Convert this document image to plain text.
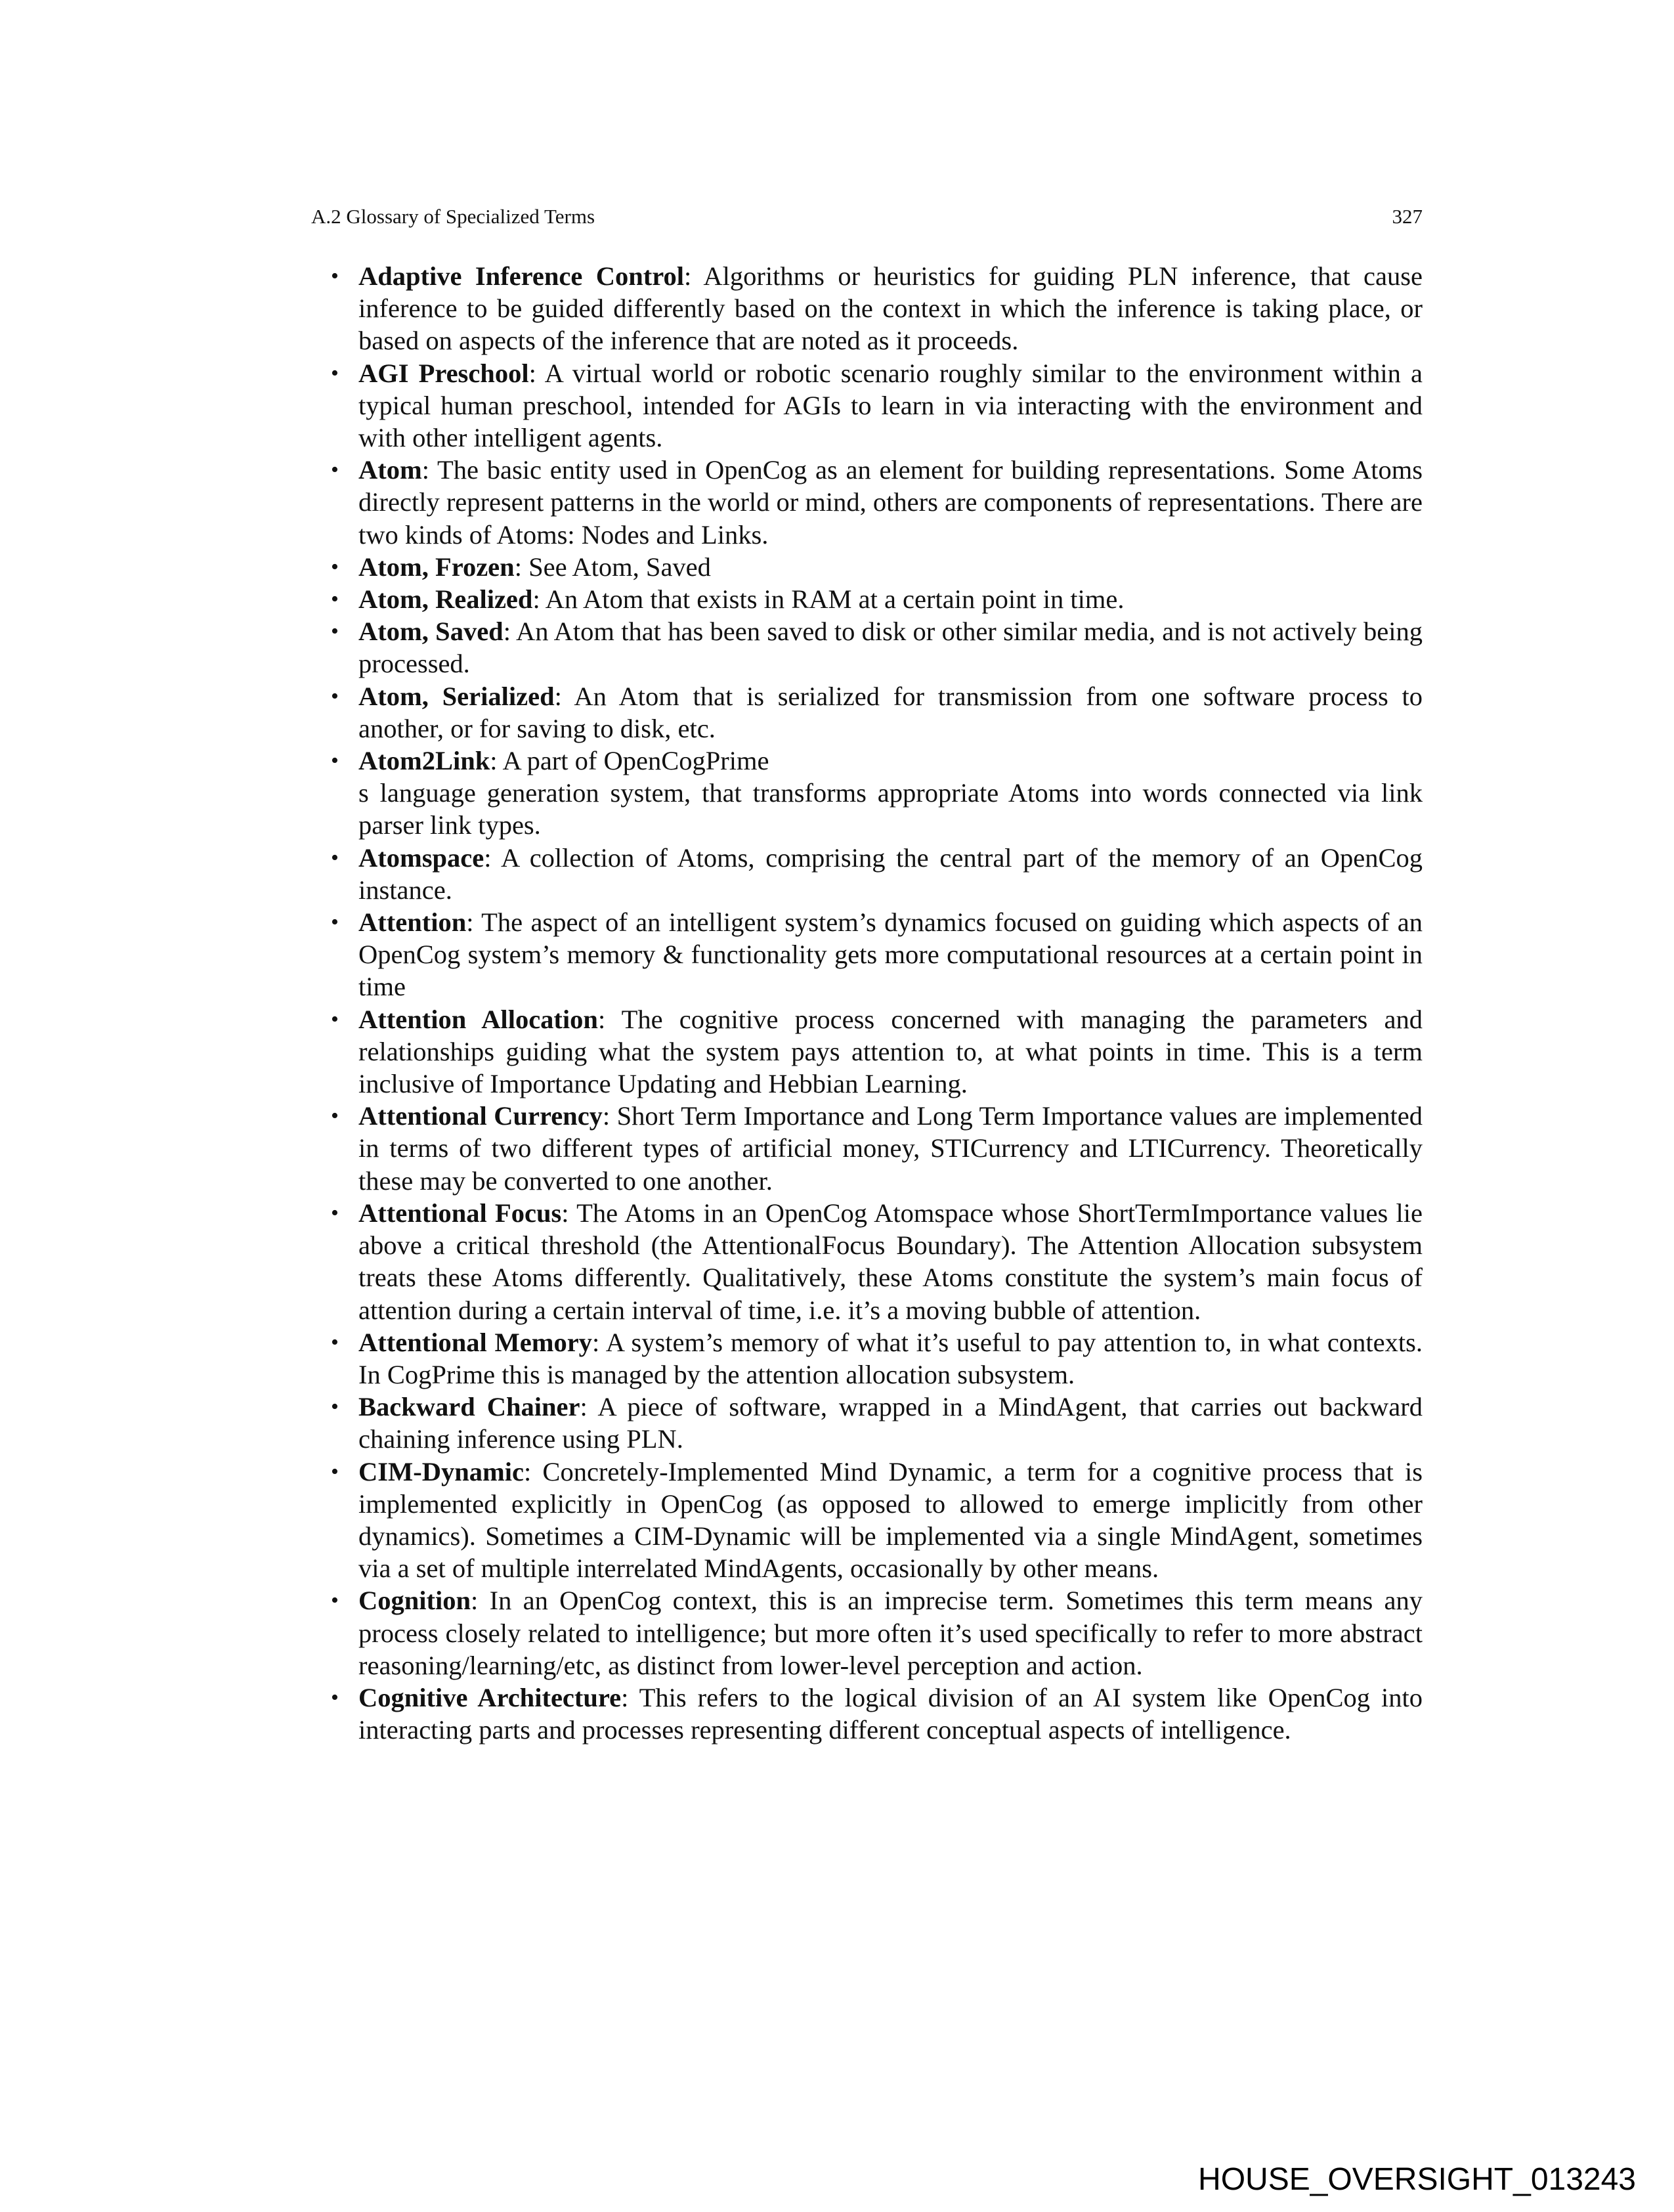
A.2 Glossary of Specialized Terms	327
• Adaptive Inference Control: Algorithms or heuristics for guiding PLN inference, that cause inference to be guided differently based on the context in which the inference is taking place, or based on aspects of the inference that are noted as it proceeds.
• AGI Preschool: A virtual world or robotic scenario roughly similar to the environment within a typical human preschool, intended for AGIs to learn in via interacting with the environment and with other intelligent agents.
• Atom: The basic entity used in OpenCog as an element for building representations. Some Atoms directly represent patterns in the world or mind, others are components of representations. There are two kinds of Atoms: Nodes and Links.
• Atom, Frozen: See Atom, Saved
• Atom, Realized: An Atom that exists in RAM at a certain point in time.
• Atom, Saved: An Atom that has been saved to disk or other similar media, and is not actively being processed.
• Atom, Serialized: An Atom that is serialized for transmission from one software process to another, or for saving to disk, etc.
• Atom2Link: A part of OpenCogPrime
s language generation system, that transforms appropriate Atoms into words connected via link parser link types.
• Atomspace: A collection of Atoms, comprising the central part of the memory of an OpenCog instance.
• Attention: The aspect of an intelligent system’s dynamics focused on guiding which aspects of an OpenCog system’s memory & functionality gets more computational resources at a certain point in time
• Attention Allocation: The cognitive process concerned with managing the parameters and relationships guiding what the system pays attention to, at what points in time. This is a term inclusive of Importance Updating and Hebbian Learning.
• Attentional Currency: Short Term Importance and Long Term Importance values are implemented in terms of two different types of artificial money, STICurrency and LTICurrency. Theoretically these may be converted to one another.
• Attentional Focus: The Atoms in an OpenCog Atomspace whose ShortTermImportance values lie above a critical threshold (the AttentionalFocus Boundary). The Attention Allocation subsystem treats these Atoms differently. Qualitatively, these Atoms constitute the system’s main focus of attention during a certain interval of time, i.e. it’s a moving bubble of attention.
• Attentional Memory: A system’s memory of what it’s useful to pay attention to, in what contexts. In CogPrime this is managed by the attention allocation subsystem.
• Backward Chainer: A piece of software, wrapped in a MindAgent, that carries out backward chaining inference using PLN.
• CIM-Dynamic: Concretely-Implemented Mind Dynamic, a term for a cognitive process that is implemented explicitly in OpenCog (as opposed to allowed to emerge implicitly from other dynamics). Sometimes a CIM-Dynamic will be implemented via a single MindAgent, sometimes via a set of multiple interrelated MindAgents, occasionally by other means.
• Cognition: In an OpenCog context, this is an imprecise term. Sometimes this term means any process closely related to intelligence; but more often it’s used specifically to refer to more abstract reasoning/learning/etc, as distinct from lower-level perception and action.
• Cognitive Architecture: This refers to the logical division of an AI system like OpenCog into interacting parts and processes representing different conceptual aspects of intelligence.
HOUSE_OVERSIGHT_013243
